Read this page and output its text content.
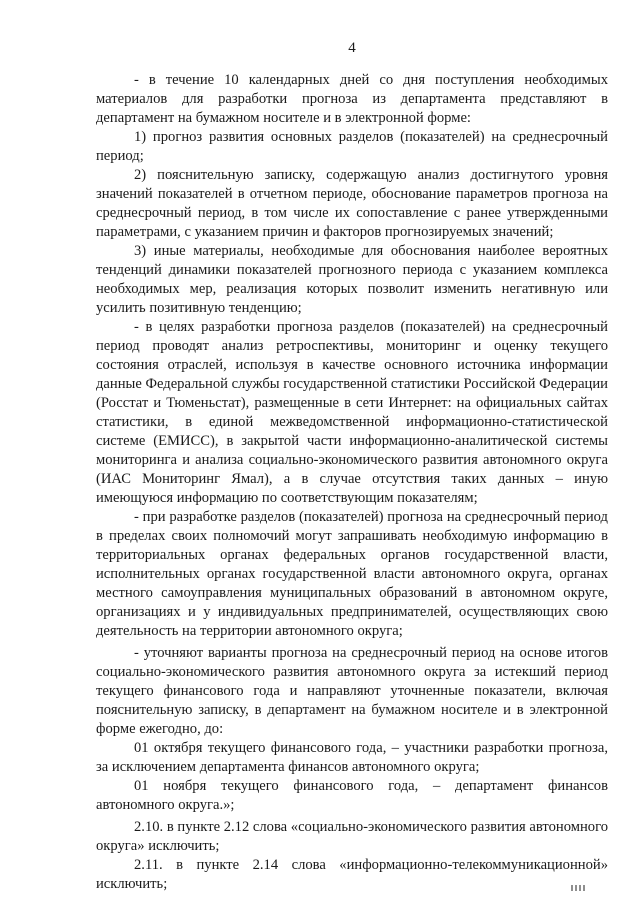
4

- в течение 10 календарных дней со дня поступления необходимых материалов для разработки прогноза из департамента представляют в департамент на бумажном носителе и в электронной форме:

1) прогноз развития основных разделов (показателей) на среднесрочный период;

2) пояснительную записку, содержащую анализ достигнутого уровня значений показателей в отчетном периоде, обоснование параметров прогноза на среднесрочный период, в том числе их сопоставление с ранее утвержденными параметрами, с указанием причин и факторов прогнозируемых значений;

3) иные материалы, необходимые для обоснования наиболее вероятных тенденций динамики показателей прогнозного периода с указанием комплекса необходимых мер, реализация которых позволит изменить негативную или усилить позитивную тенденцию;

- в целях разработки прогноза разделов (показателей) на среднесрочный период проводят анализ ретроспективы, мониторинг и оценку текущего состояния отраслей, используя в качестве основного источника информации данные Федеральной службы государственной статистики Российской Федерации (Росстат и Тюменьстат), размещенные в сети Интернет: на официальных сайтах статистики, в единой межведомственной информационно-статистической системе (ЕМИСС), в закрытой части информационно-аналитической системы мониторинга и анализа социально-экономического развития автономного округа (ИАС Мониторинг Ямал), а в случае отсутствия таких данных – иную имеющуюся информацию по соответствующим показателям;

- при разработке разделов (показателей) прогноза на среднесрочный период в пределах своих полномочий могут запрашивать необходимую информацию в территориальных органах федеральных органов государственной власти, исполнительных органах государственной власти автономного округа, органах местного самоуправления муниципальных образований в автономном округе, организациях и у индивидуальных предпринимателей, осуществляющих свою деятельность на территории автономного округа;

- уточняют варианты прогноза на среднесрочный период на основе итогов социально-экономического развития автономного округа за истекший период текущего финансового года и направляют уточненные показатели, включая пояснительную записку, в департамент на бумажном носителе и в электронной форме ежегодно, до:

01 октября текущего финансового года, – участники разработки прогноза, за исключением департамента финансов автономного округа;

01 ноября текущего финансового года, – департамент финансов автономного округа.»;

2.10. в пункте 2.12 слова «социально-экономического развития автономного округа» исключить;

2.11. в пункте 2.14 слова «информационно-телекоммуникационной» исключить;
